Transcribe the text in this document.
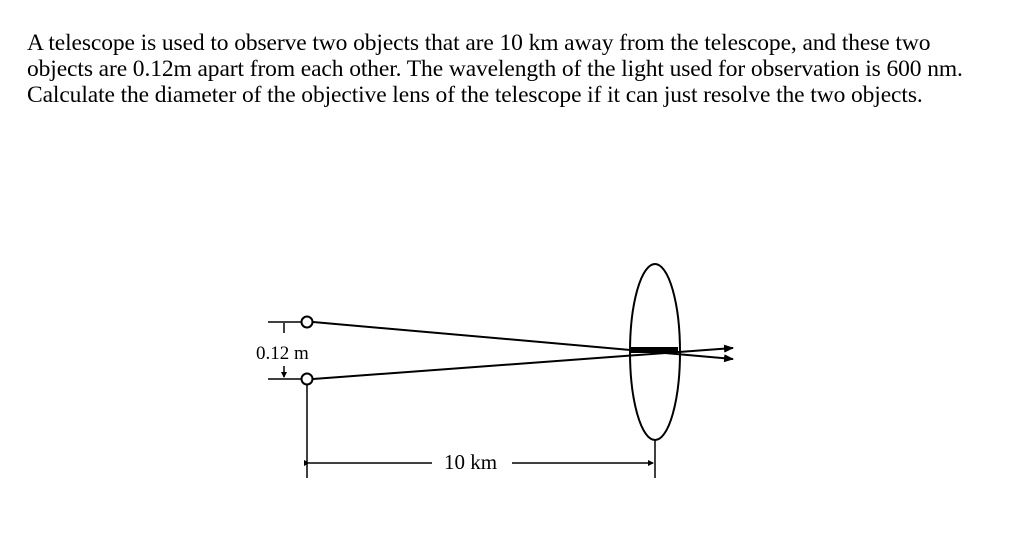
A telescope is used to observe two objects that are 10 km away from the telescope, and these two objects are 0.12m apart from each other. The wavelength of the light used for observation is 600 nm. Calculate the diameter of the objective lens of the telescope if it can just resolve the two objects.
0.12 m
10 km
